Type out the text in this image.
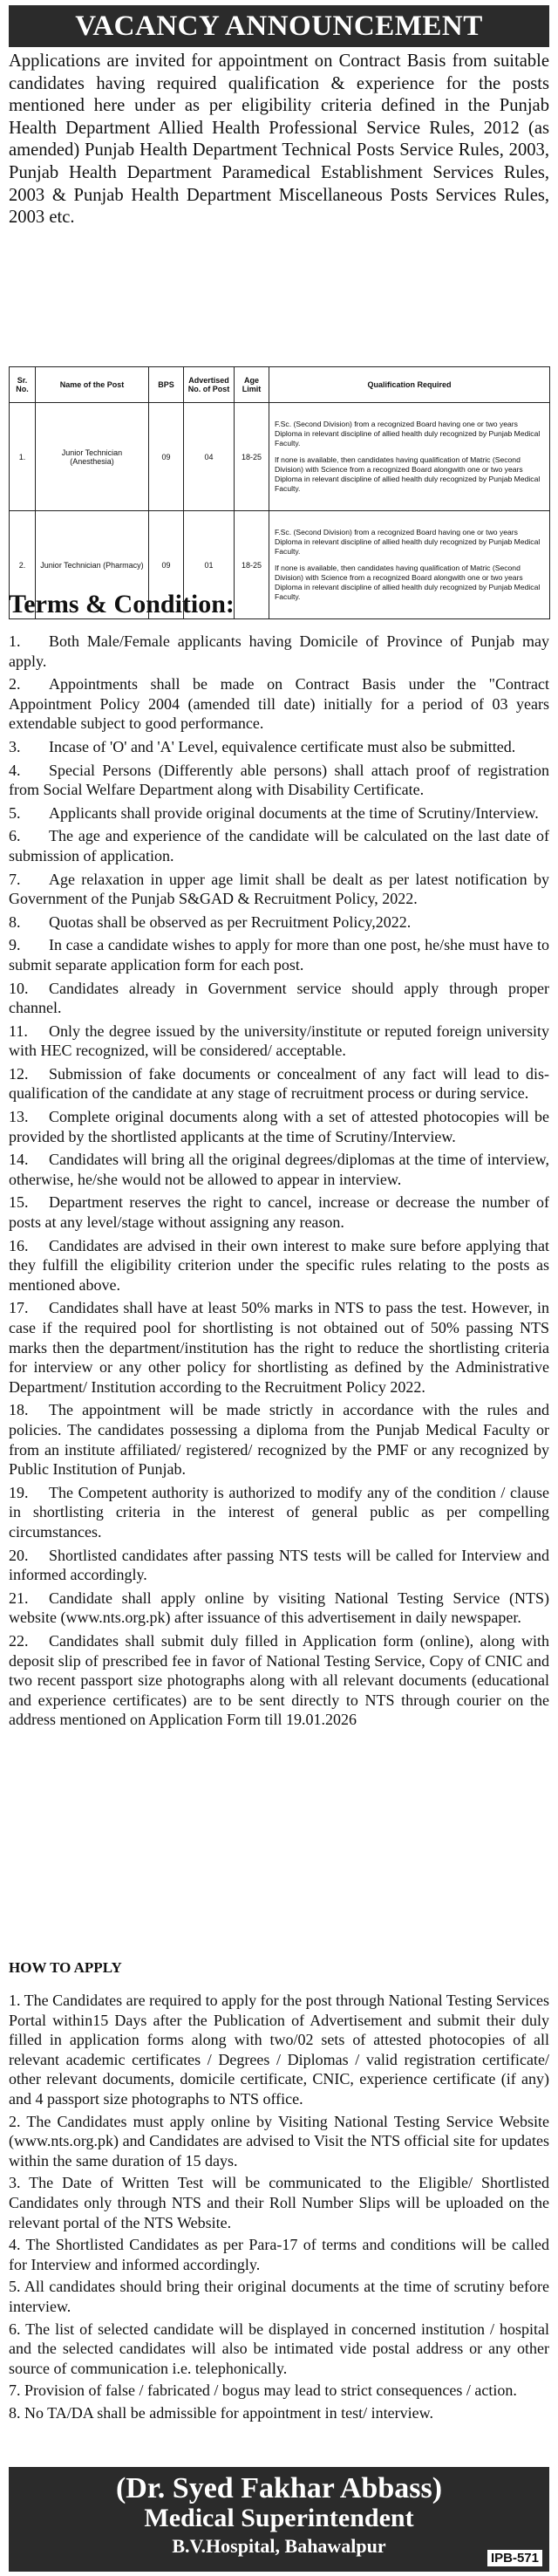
VACANCY ANNOUNCEMENT

Applications are invited for appointment on Contract Basis from suitable candidates having required qualification & experience for the posts mentioned here under as per eligibility criteria defined in the Punjab Health Department Allied Health Professional Service Rules, 2012 (as amended) Punjab Health Department Technical Posts Service Rules, 2003, Punjab Health Department Paramedical Establishment Services Rules, 2003 & Punjab Health Department Miscellaneous Posts Services Rules, 2003 etc.

Sr. No.	Name of the Post	BPS	Advertised No. of Post	Age Limit	Qualification Required
1.	Junior Technician (Anesthesia)	09	04	18-25	F.Sc. (Second Division) from a recognized Board having one or two years Diploma in relevant discipline of allied health duly recognized by Punjab Medical Faculty.

If none is available, then candidates having qualification of Matric (Second Division) with Science from a recognized Board alongwith one or two years Diploma in relevant discipline of allied health duly recognized by Punjab Medical Faculty.

2.	Junior Technician (Pharmacy)	09	01	18-25	F.Sc. (Second Division) from a recognized Board having one or two years Diploma in relevant discipline of allied health duly recognized by Punjab Medical Faculty.

If none is available, then candidates having qualification of Matric (Second Division) with Science from a recognized Board alongwith one or two years Diploma in relevant discipline of allied health duly recognized by Punjab Medical Faculty.

Terms & Condition:
1. Both Male/Female applicants having Domicile of Province of Punjab may apply.
2. Appointments shall be made on Contract Basis under the "Contract Appointment Policy 2004 (amended till date) initially for a period of 03 years extendable subject to good performance.
3. Incase of 'O' and 'A' Level, equivalence certificate must also be submitted.
4. Special Persons (Differently able persons) shall attach proof of registration from Social Welfare Department along with Disability Certificate.
5. Applicants shall provide original documents at the time of Scrutiny/Interview.
6. The age and experience of the candidate will be calculated on the last date of submission of application.
7. Age relaxation in upper age limit shall be dealt as per latest notification by Government of the Punjab S&GAD & Recruitment Policy, 2022.
8. Quotas shall be observed as per Recruitment Policy,2022.
9. In case a candidate wishes to apply for more than one post, he/she must have to submit separate application form for each post.
10. Candidates already in Government service should apply through proper channel.
11. Only the degree issued by the university/institute or reputed foreign university with HEC recognized, will be considered/ acceptable.
12. Submission of fake documents or concealment of any fact will lead to dis-qualification of the candidate at any stage of recruitment process or during service.
13. Complete original documents along with a set of attested photocopies will be provided by the shortlisted applicants at the time of Scrutiny/Interview.
14. Candidates will bring all the original degrees/diplomas at the time of interview, otherwise, he/she would not be allowed to appear in interview.
15. Department reserves the right to cancel, increase or decrease the number of posts at any level/stage without assigning any reason.
16. Candidates are advised in their own interest to make sure before applying that they fulfill the eligibility criterion under the specific rules relating to the posts as mentioned above.
17. Candidates shall have at least 50% marks in NTS to pass the test. However, in case if the required pool for shortlisting is not obtained out of 50% passing NTS marks then the department/institution has the right to reduce the shortlisting criteria for interview or any other policy for shortlisting as defined by the Administrative Department/ Institution according to the Recruitment Policy 2022.
18. The appointment will be made strictly in accordance with the rules and policies. The candidates possessing a diploma from the Punjab Medical Faculty or from an institute affiliated/ registered/ recognized by the PMF or any recognized by Public Institution of Punjab.
19. The Competent authority is authorized to modify any of the condition / clause in shortlisting criteria in the interest of general public as per compelling circumstances.
20. Shortlisted candidates after passing NTS tests will be called for Interview and informed accordingly.
21. Candidate shall apply online by visiting National Testing Service (NTS) website (www.nts.org.pk) after issuance of this advertisement in daily newspaper.
22. Candidates shall submit duly filled in Application form (online), along with deposit slip of prescribed fee in favor of National Testing Service, Copy of CNIC and two recent passport size photographs along with all relevant documents (educational and experience certificates) are to be sent directly to NTS through courier on the address mentioned on Application Form till 19.01.2026
HOW TO APPLY
1. The Candidates are required to apply for the post through National Testing Services Portal within15 Days after the Publication of Advertisement and submit their duly filled in application forms along with two/02 sets of attested photocopies of all relevant academic certificates / Degrees / Diplomas / valid registration certificate/ other relevant documents, domicile certificate, CNIC, experience certificate (if any) and 4 passport size photographs to NTS office.
2. The Candidates must apply online by Visiting National Testing Service Website (www.nts.org.pk) and Candidates are advised to Visit the NTS official site for updates within the same duration of 15 days.
3. The Date of Written Test will be communicated to the Eligible/ Shortlisted Candidates only through NTS and their Roll Number Slips will be uploaded on the relevant portal of the NTS Website.
4. The Shortlisted Candidates as per Para-17 of terms and conditions will be called for Interview and informed accordingly.
5. All candidates should bring their original documents at the time of scrutiny before interview.
6. The list of selected candidate will be displayed in concerned institution / hospital and the selected candidates will also be intimated vide postal address or any other source of communication i.e. telephonically.
7. Provision of false / fabricated / bogus may lead to strict consequences / action.
8. No TA/DA shall be admissible for appointment in test/ interview.
(Dr. Syed Fakhar Abbass)
Medical Superintendent
B.V.Hospital, Bahawalpur
IPB-571
